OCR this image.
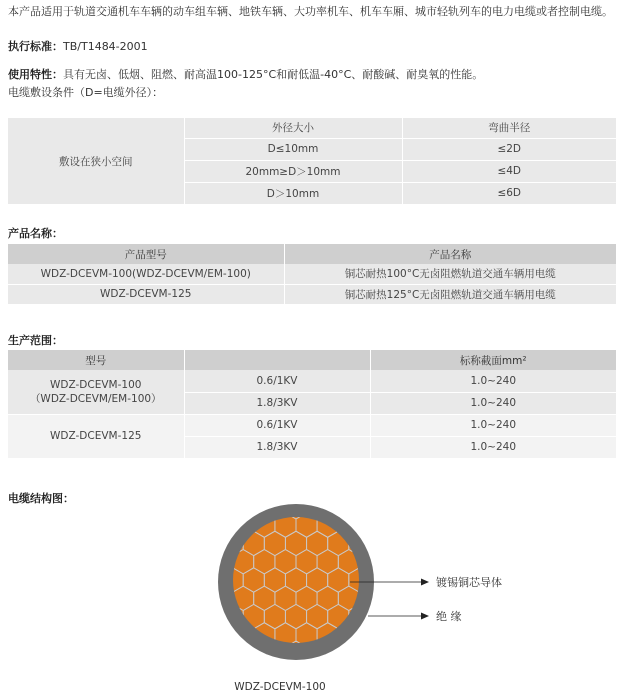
本产品适用于轨道交通机车车辆的动车组车辆、地铁车辆、大功率机车、机车车厢、城市轻轨列车的电力电缆或者控制电缆。
执行标准：TB/T1484-2001
使用特性：具有无卤、低烟、阻燃、耐高温100-125°C和耐低温-40°C、耐酸碱、耐臭氧的性能。
电缆敷设条件（D=电缆外径）：
敷设在狭小空间	外径大小	弯曲半径
	D≤10mm	≤2D
	20mm≥D＞10mm	≤4D
	D＞10mm	≤6D
产品名称：
产品型号	产品名称
WDZ-DCEVM-100(WDZ-DCEVM/EM-100)	铜芯耐热100°C无卤阻燃轨道交通车辆用电缆
WDZ-DCEVM-125	铜芯耐热125°C无卤阻燃轨道交通车辆用电缆
生产范围：
型号		标称截面mm²

WDZ-DCEVM-100
（WDZ-DCEVM/EM-100）	0.6/1KV	1.0~240
	1.8/3KV	1.0~240

WDZ-DCEVM-125	0.6/1KV	1.0~240
	1.8/3KV	1.0~240
电缆结构图：
镀锡铜芯导体
绝 缘
WDZ-DCEVM-100
